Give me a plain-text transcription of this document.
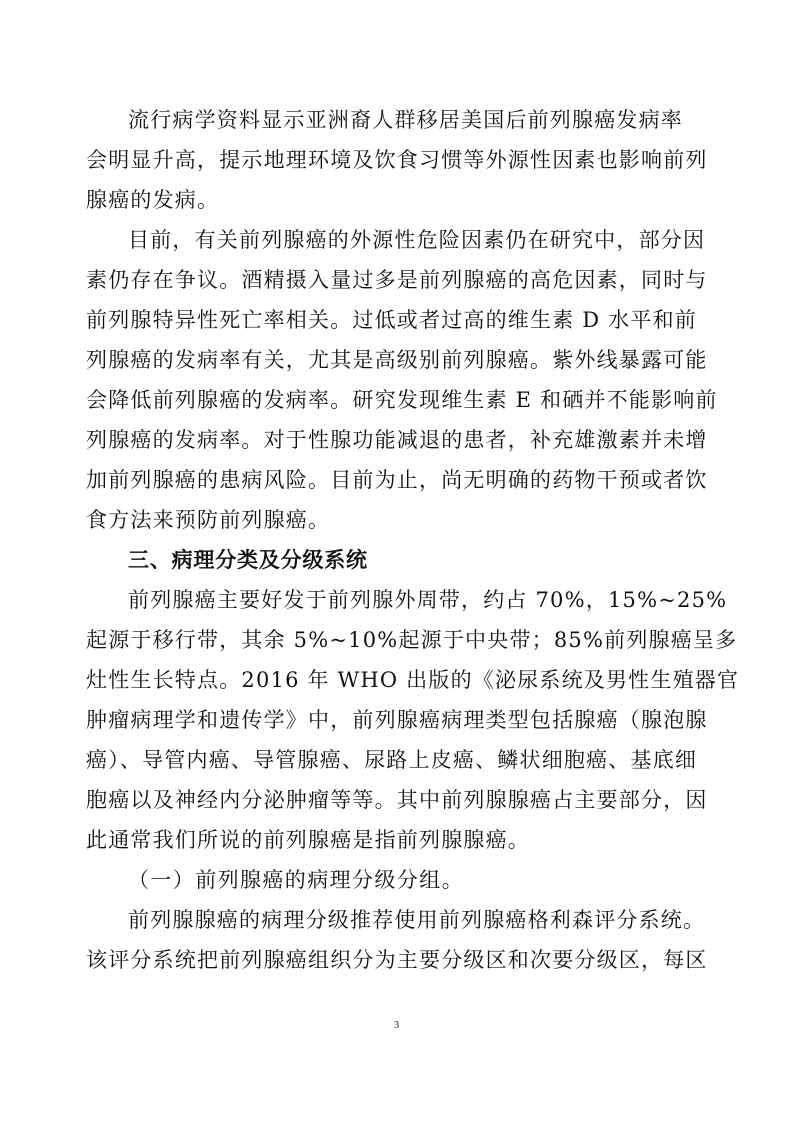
流行病学资料显示亚洲裔人群移居美国后前列腺癌发病率
会明显升高，提示地理环境及饮食习惯等外源性因素也影响前列
腺癌的发病。
目前，有关前列腺癌的外源性危险因素仍在研究中，部分因
素仍存在争议。酒精摄入量过多是前列腺癌的高危因素，同时与
前列腺特异性死亡率相关。过低或者过高的维生素 D 水平和前
列腺癌的发病率有关，尤其是高级别前列腺癌。紫外线暴露可能
会降低前列腺癌的发病率。研究发现维生素 E 和硒并不能影响前
列腺癌的发病率。对于性腺功能减退的患者，补充雄激素并未增
加前列腺癌的患病风险。目前为止，尚无明确的药物干预或者饮
食方法来预防前列腺癌。
三、病理分类及分级系统
前列腺癌主要好发于前列腺外周带，约占 70%，15%~25%
起源于移行带，其余 5%~10%起源于中央带；85%前列腺癌呈多
灶性生长特点。2016 年 WHO 出版的《泌尿系统及男性生殖器官
肿瘤病理学和遗传学》中，前列腺癌病理类型包括腺癌（腺泡腺
癌）、导管内癌、导管腺癌、尿路上皮癌、鳞状细胞癌、基底细
胞癌以及神经内分泌肿瘤等等。其中前列腺腺癌占主要部分，因
此通常我们所说的前列腺癌是指前列腺腺癌。
（一）前列腺癌的病理分级分组。
前列腺腺癌的病理分级推荐使用前列腺癌格利森评分系统。
该评分系统把前列腺癌组织分为主要分级区和次要分级区，每区
3
